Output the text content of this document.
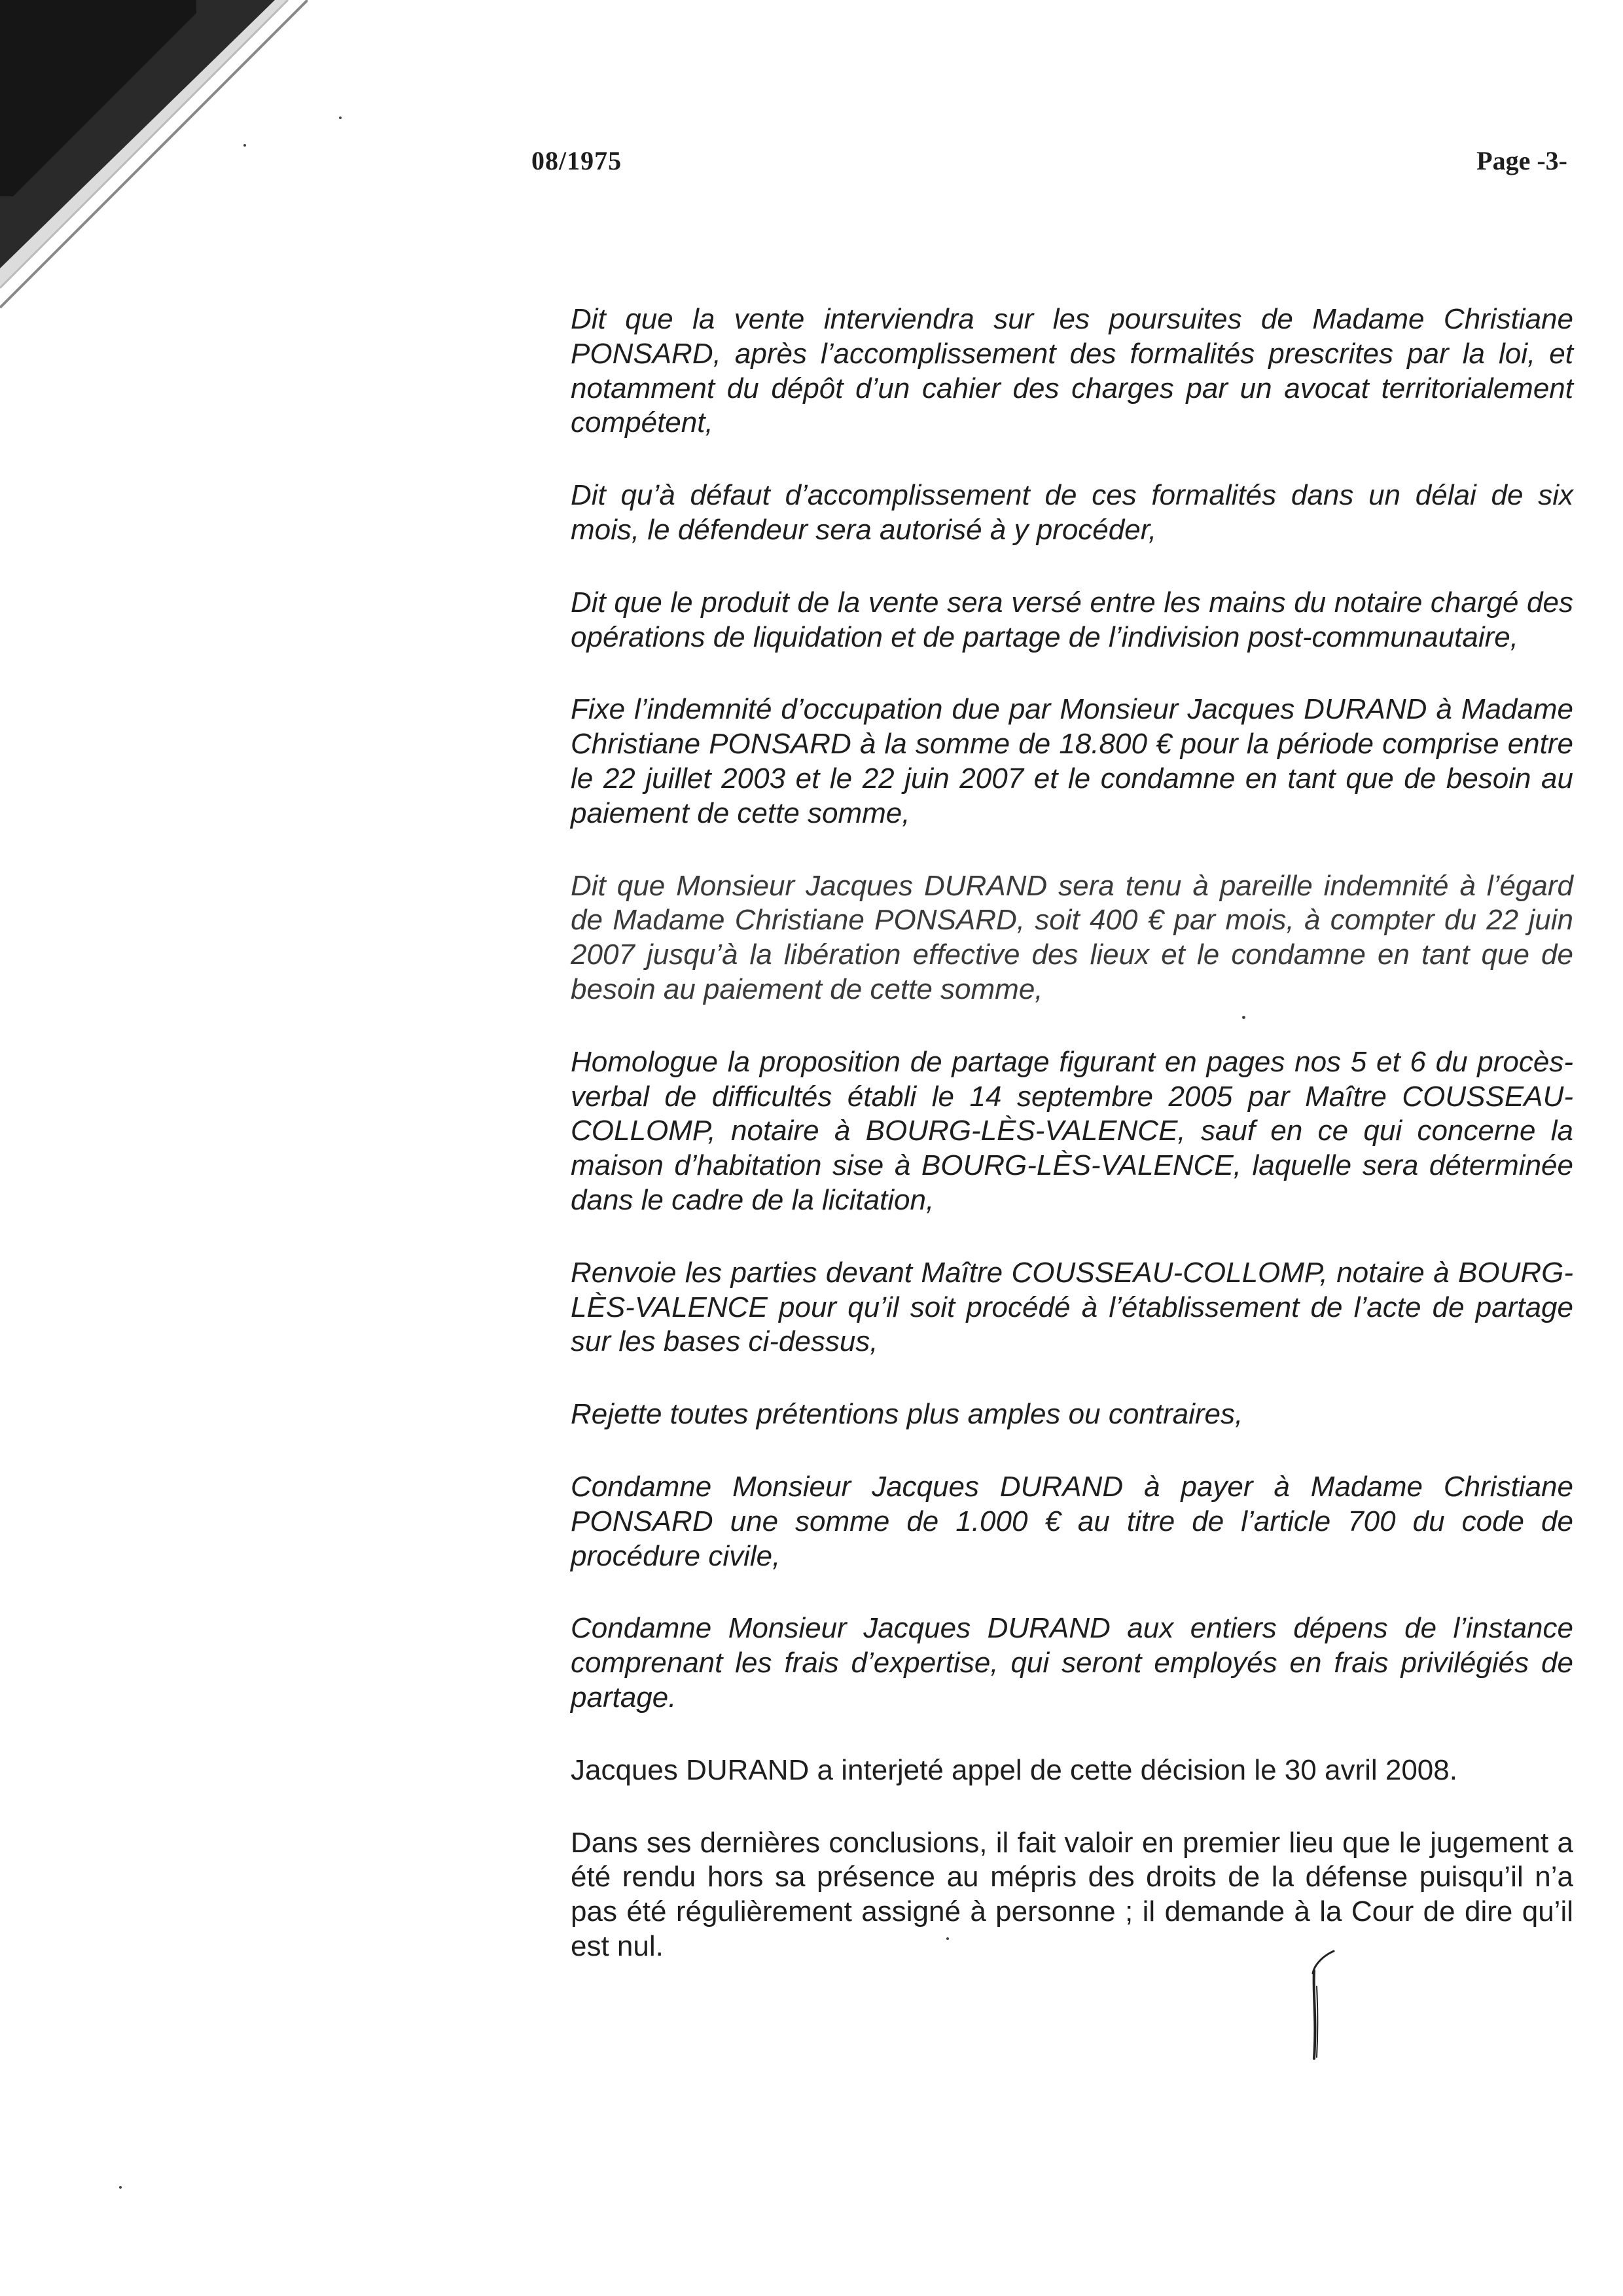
08/1975	Page -3-

Dit que la vente interviendra sur les poursuites de Madame Christiane PONSARD, après l’accomplissement des formalités prescrites par la loi, et notamment du dépôt d’un cahier des charges par un avocat territorialement compétent,

Dit qu’à défaut d’accomplissement de ces formalités dans un délai de six mois, le défendeur sera autorisé à y procéder,

Dit que le produit de la vente sera versé entre les mains du notaire chargé des opérations de liquidation et de partage de l’indivision post-communautaire,

Fixe l’indemnité d’occupation due par Monsieur Jacques DURAND à Madame Christiane PONSARD à la somme de 18.800 € pour la période comprise entre le 22 juillet 2003 et le 22 juin 2007 et le condamne en tant que de besoin au paiement de cette somme,

Dit que Monsieur Jacques DURAND sera tenu à pareille indemnité à l’égard de Madame Christiane PONSARD, soit 400 € par mois, à compter du 22 juin 2007 jusqu’à la libération effective des lieux et le condamne en tant que de besoin au paiement de cette somme,

Homologue la proposition de partage figurant en pages nos 5 et 6 du procès-verbal de difficultés établi le 14 septembre 2005 par Maître COUSSEAU-COLLOMP, notaire à BOURG-LÈS-VALENCE, sauf en ce qui concerne la maison d’habitation sise à BOURG-LÈS-VALENCE, laquelle sera déterminée dans le cadre de la licitation,

Renvoie les parties devant Maître COUSSEAU-COLLOMP, notaire à BOURG-LÈS-VALENCE pour qu’il soit procédé à l’établissement de l’acte de partage sur les bases ci-dessus,

Rejette toutes prétentions plus amples ou contraires,

Condamne Monsieur Jacques DURAND à payer à Madame Christiane PONSARD une somme de 1.000 € au titre de l’article 700 du code de procédure civile,

Condamne Monsieur Jacques DURAND aux entiers dépens de l’instance comprenant les frais d’expertise, qui seront employés en frais privilégiés de partage.

Jacques DURAND a interjeté appel de cette décision le 30 avril 2008.

Dans ses dernières conclusions, il fait valoir en premier lieu que le jugement a été rendu hors sa présence au mépris des droits de la défense puisqu’il n’a pas été régulièrement assigné à personne ; il demande à la Cour de dire qu’il est nul.
